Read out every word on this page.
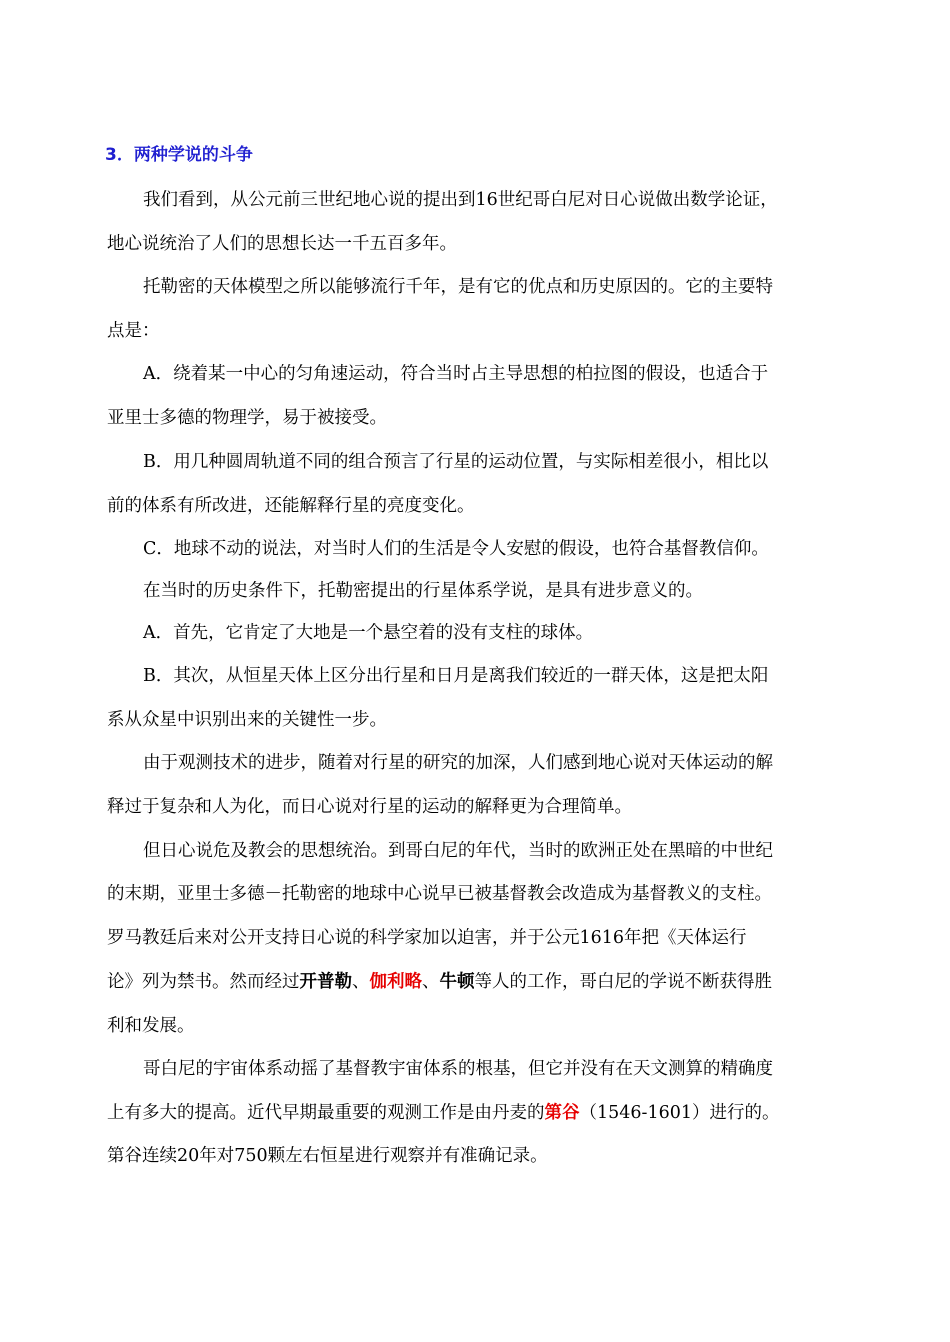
3．两种学说的斗争
我们看到，从公元前三世纪地心说的提出到16世纪哥白尼对日心说做出数学论证，
地心说统治了人们的思想长达一千五百多年。
托勒密的天体模型之所以能够流行千年，是有它的优点和历史原因的。它的主要特
点是：
A．绕着某一中心的匀角速运动，符合当时占主导思想的柏拉图的假设，也适合于
亚里士多德的物理学，易于被接受。
B．用几种圆周轨道不同的组合预言了行星的运动位置，与实际相差很小，相比以
前的体系有所改进，还能解释行星的亮度变化。
C．地球不动的说法，对当时人们的生活是令人安慰的假设，也符合基督教信仰。
在当时的历史条件下，托勒密提出的行星体系学说，是具有进步意义的。
A．首先，它肯定了大地是一个悬空着的没有支柱的球体。
B．其次，从恒星天体上区分出行星和日月是离我们较近的一群天体，这是把太阳
系从众星中识别出来的关键性一步。
由于观测技术的进步，随着对行星的研究的加深，人们感到地心说对天体运动的解
释过于复杂和人为化，而日心说对行星的运动的解释更为合理简单。
但日心说危及教会的思想统治。到哥白尼的年代，当时的欧洲正处在黑暗的中世纪
的末期，亚里士多德－托勒密的地球中心说早已被基督教会改造成为基督教义的支柱。
罗马教廷后来对公开支持日心说的科学家加以迫害，并于公元1616年把《天体运行
论》列为禁书。然而经过开普勒、伽利略、牛顿等人的工作，哥白尼的学说不断获得胜
利和发展。
哥白尼的宇宙体系动摇了基督教宇宙体系的根基，但它并没有在天文测算的精确度
上有多大的提高。近代早期最重要的观测工作是由丹麦的第谷（1546-1601）进行的。
第谷连续20年对750颗左右恒星进行观察并有准确记录。
